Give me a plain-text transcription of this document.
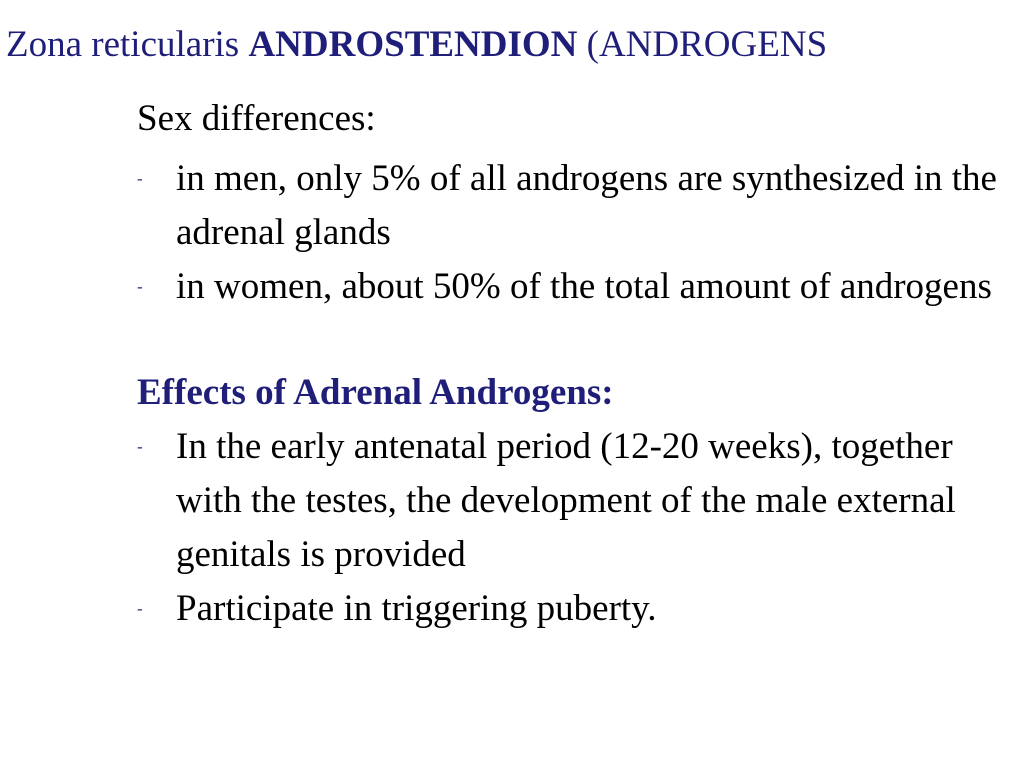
Zona reticularis ANDROSTENDION (ANDROGENS

Sex differences:

- in men, only 5% of all androgens are synthesized in the adrenal glands
- in women, about 50% of the total amount of androgens

Effects of Adrenal Androgens:

- In the early antenatal period (12-20 weeks), together with the testes, the development of the male external genitals is provided
- Participate in triggering puberty.
